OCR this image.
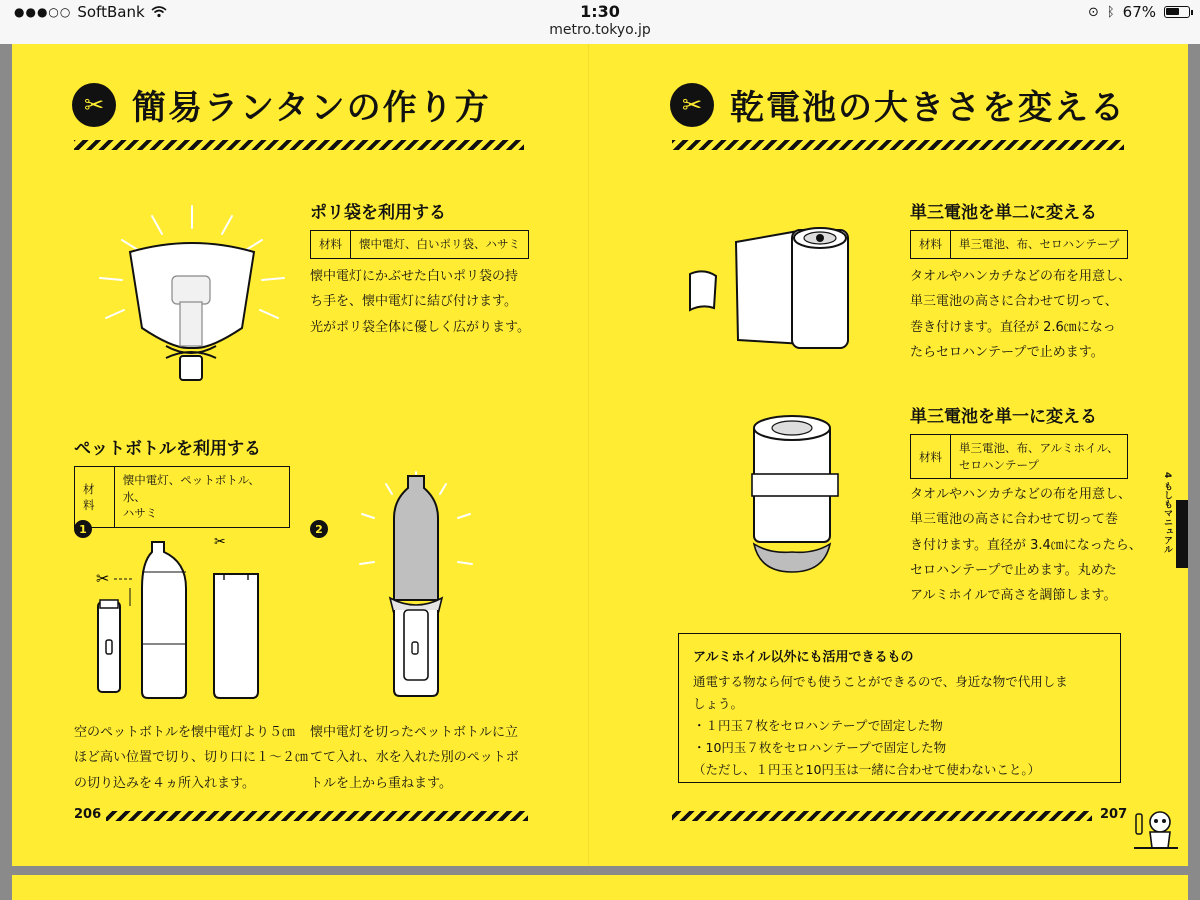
●●●○○ SoftBank	1:30
metro.tokyo.jp
⊙ ᛒ 67%
✂ 簡易ランタンの作り方
ポリ袋を利用する
材料	懐中電灯、白いポリ袋、ハサミ
懐中電灯にかぶせた白いポリ袋の持
ち手を、懐中電灯に結び付けます。
光がポリ袋全体に優しく広がります。
ペットボトルを利用する
材料
懐中電灯、ペットボトル、水、
ハサミ
1	2
✂
✂
空のペットボトルを懐中電灯より５㎝
ほど高い位置で切り、切り口に１～２㎝
の切り込みを４ヵ所入れます。
懐中電灯を切ったペットボトルに立
てて入れ、水を入れた別のペットボ
トルを上から重ねます。
206
✂ 乾電池の大きさを変える
単三電池を単二に変える
材料	単三電池、布、セロハンテープ
タオルやハンカチなどの布を用意し、
単三電池の高さに合わせて切って、
巻き付けます。直径が 2.6㎝になっ
たらセロハンテープで止めます。
単三電池を単一に変える
材料
単三電池、布、アルミホイル、
セロハンテープ
タオルやハンカチなどの布を用意し、
単三電池の高さに合わせて切って巻
き付けます。直径が 3.4㎝になったら、
セロハンテープで止めます。丸めた
アルミホイルで高さを調節します。
アルミホイル以外にも活用できるもの
通電する物なら何でも使うことができるので、身近な物で代用しま
しょう。
・１円玉７枚をセロハンテープで固定した物
・10円玉７枚をセロハンテープで固定した物
（ただし、１円玉と10円玉は一緒に合わせて使わないこと。）
4 もしもマニュアル
207
